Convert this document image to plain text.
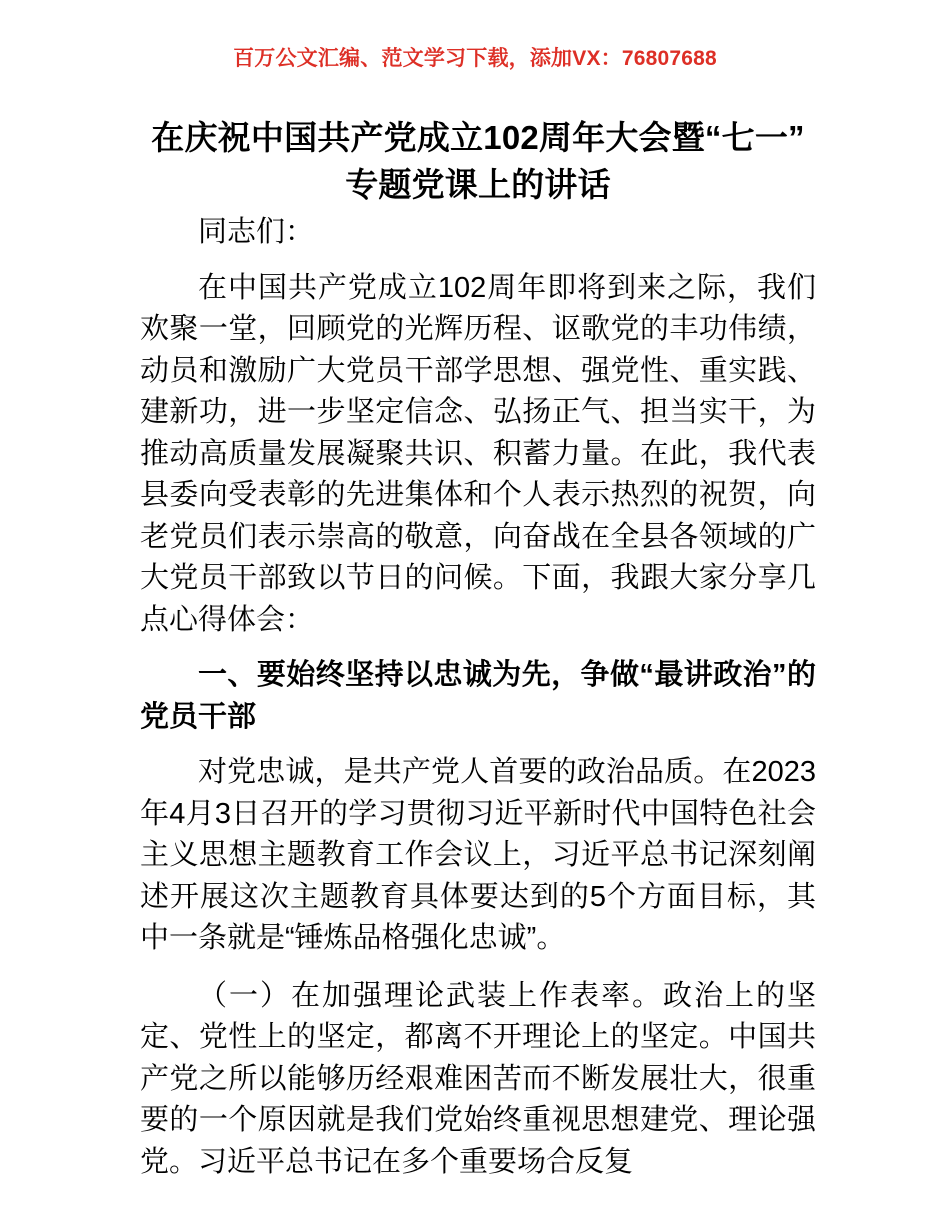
百万公文汇编、范文学习下载，添加VX：76807688
在庆祝中国共产党成立102周年大会暨“七一”专题党课上的讲话

同志们：

在中国共产党成立102周年即将到来之际，我们欢聚一堂，回顾党的光辉历程、讴歌党的丰功伟绩，动员和激励广大党员干部学思想、强党性、重实践、建新功，进一步坚定信念、弘扬正气、担当实干，为推动高质量发展凝聚共识、积蓄力量。在此，我代表县委向受表彰的先进集体和个人表示热烈的祝贺，向老党员们表示崇高的敬意，向奋战在全县各领域的广大党员干部致以节日的问候。下面，我跟大家分享几点心得体会：

一、要始终坚持以忠诚为先，争做“最讲政治”的党员干部

对党忠诚，是共产党人首要的政治品质。在2023年4月3日召开的学习贯彻习近平新时代中国特色社会主义思想主题教育工作会议上，习近平总书记深刻阐述开展这次主题教育具体要达到的5个方面目标，其中一条就是“锤炼品格强化忠诚”。

（一）在加强理论武装上作表率。政治上的坚定、党性上的坚定，都离不开理论上的坚定。中国共产党之所以能够历经艰难困苦而不断发展壮大，很重要的一个原因就是我们党始终重视思想建党、理论强党。习近平总书记在多个重要场合反复
